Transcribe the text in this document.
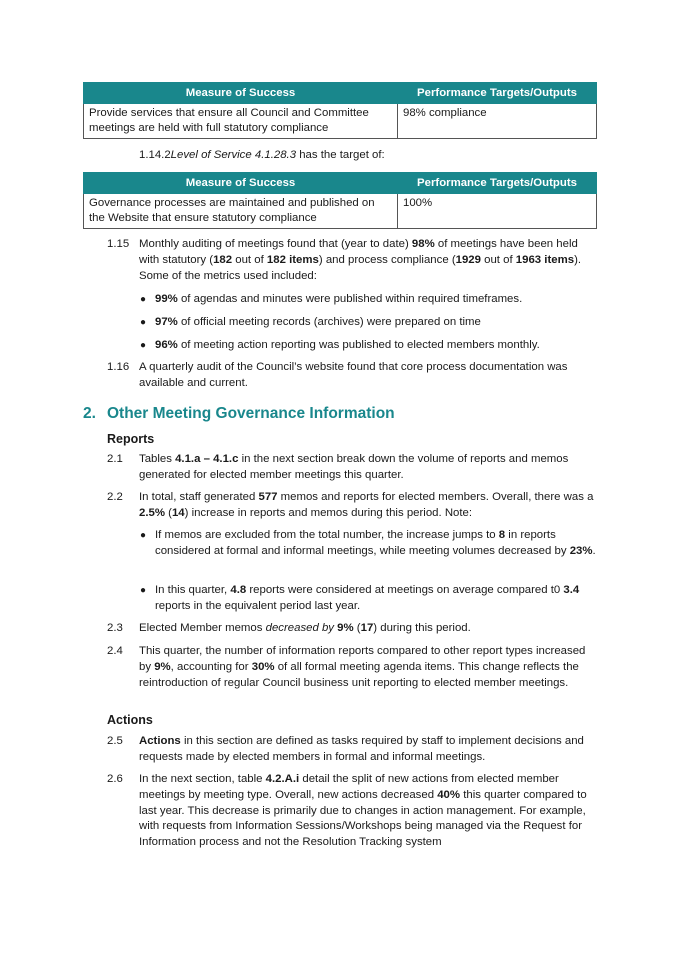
Measure of Success	Performance Targets/Outputs
Provide services that ensure all Council and Committee meetings are held with full statutory compliance	98% compliance
1.14.2Level of Service 4.1.28.3 has the target of:
Measure of Success	Performance Targets/Outputs
Governance processes are maintained and published on the Website that ensure statutory compliance	100%
1.15 Monthly auditing of meetings found that (year to date) 98% of meetings have been held with statutory (182 out of 182 items) and process compliance (1929 out of 1963 items). Some of the metrics used included:
● 99% of agendas and minutes were published within required timeframes.
● 97% of official meeting records (archives) were prepared on time
● 96% of meeting action reporting was published to elected members monthly.
1.16 A quarterly audit of the Council’s website found that core process documentation was available and current.
2. Other Meeting Governance Information
Reports
2.1	Tables 4.1.a – 4.1.c in the next section break down the volume of reports and memos generated for elected member meetings this quarter.
2.2	In total, staff generated 577 memos and reports for elected members. Overall, there was a 2.5% (14) increase in reports and memos during this period. Note:
● If memos are excluded from the total number, the increase jumps to 8 in reports considered at formal and informal meetings, while meeting volumes decreased by 23%.
● In this quarter, 4.8 reports were considered at meetings on average compared t0 3.4 reports in the equivalent period last year.
2.3	Elected Member memos decreased by 9% (17) during this period.
2.4	This quarter, the number of information reports compared to other report types increased by 9%, accounting for 30% of all formal meeting agenda items. This change reflects the reintroduction of regular Council business unit reporting to elected member meetings.
Actions
2.5	Actions in this section are defined as tasks required by staff to implement decisions and requests made by elected members in formal and informal meetings.
2.6	In the next section, table 4.2.A.i detail the split of new actions from elected member meetings by meeting type. Overall, new actions decreased 40% this quarter compared to last year. This decrease is primarily due to changes in action management. For example, with requests from Information Sessions/Workshops being managed via the Request for Information process and not the Resolution Tracking system
